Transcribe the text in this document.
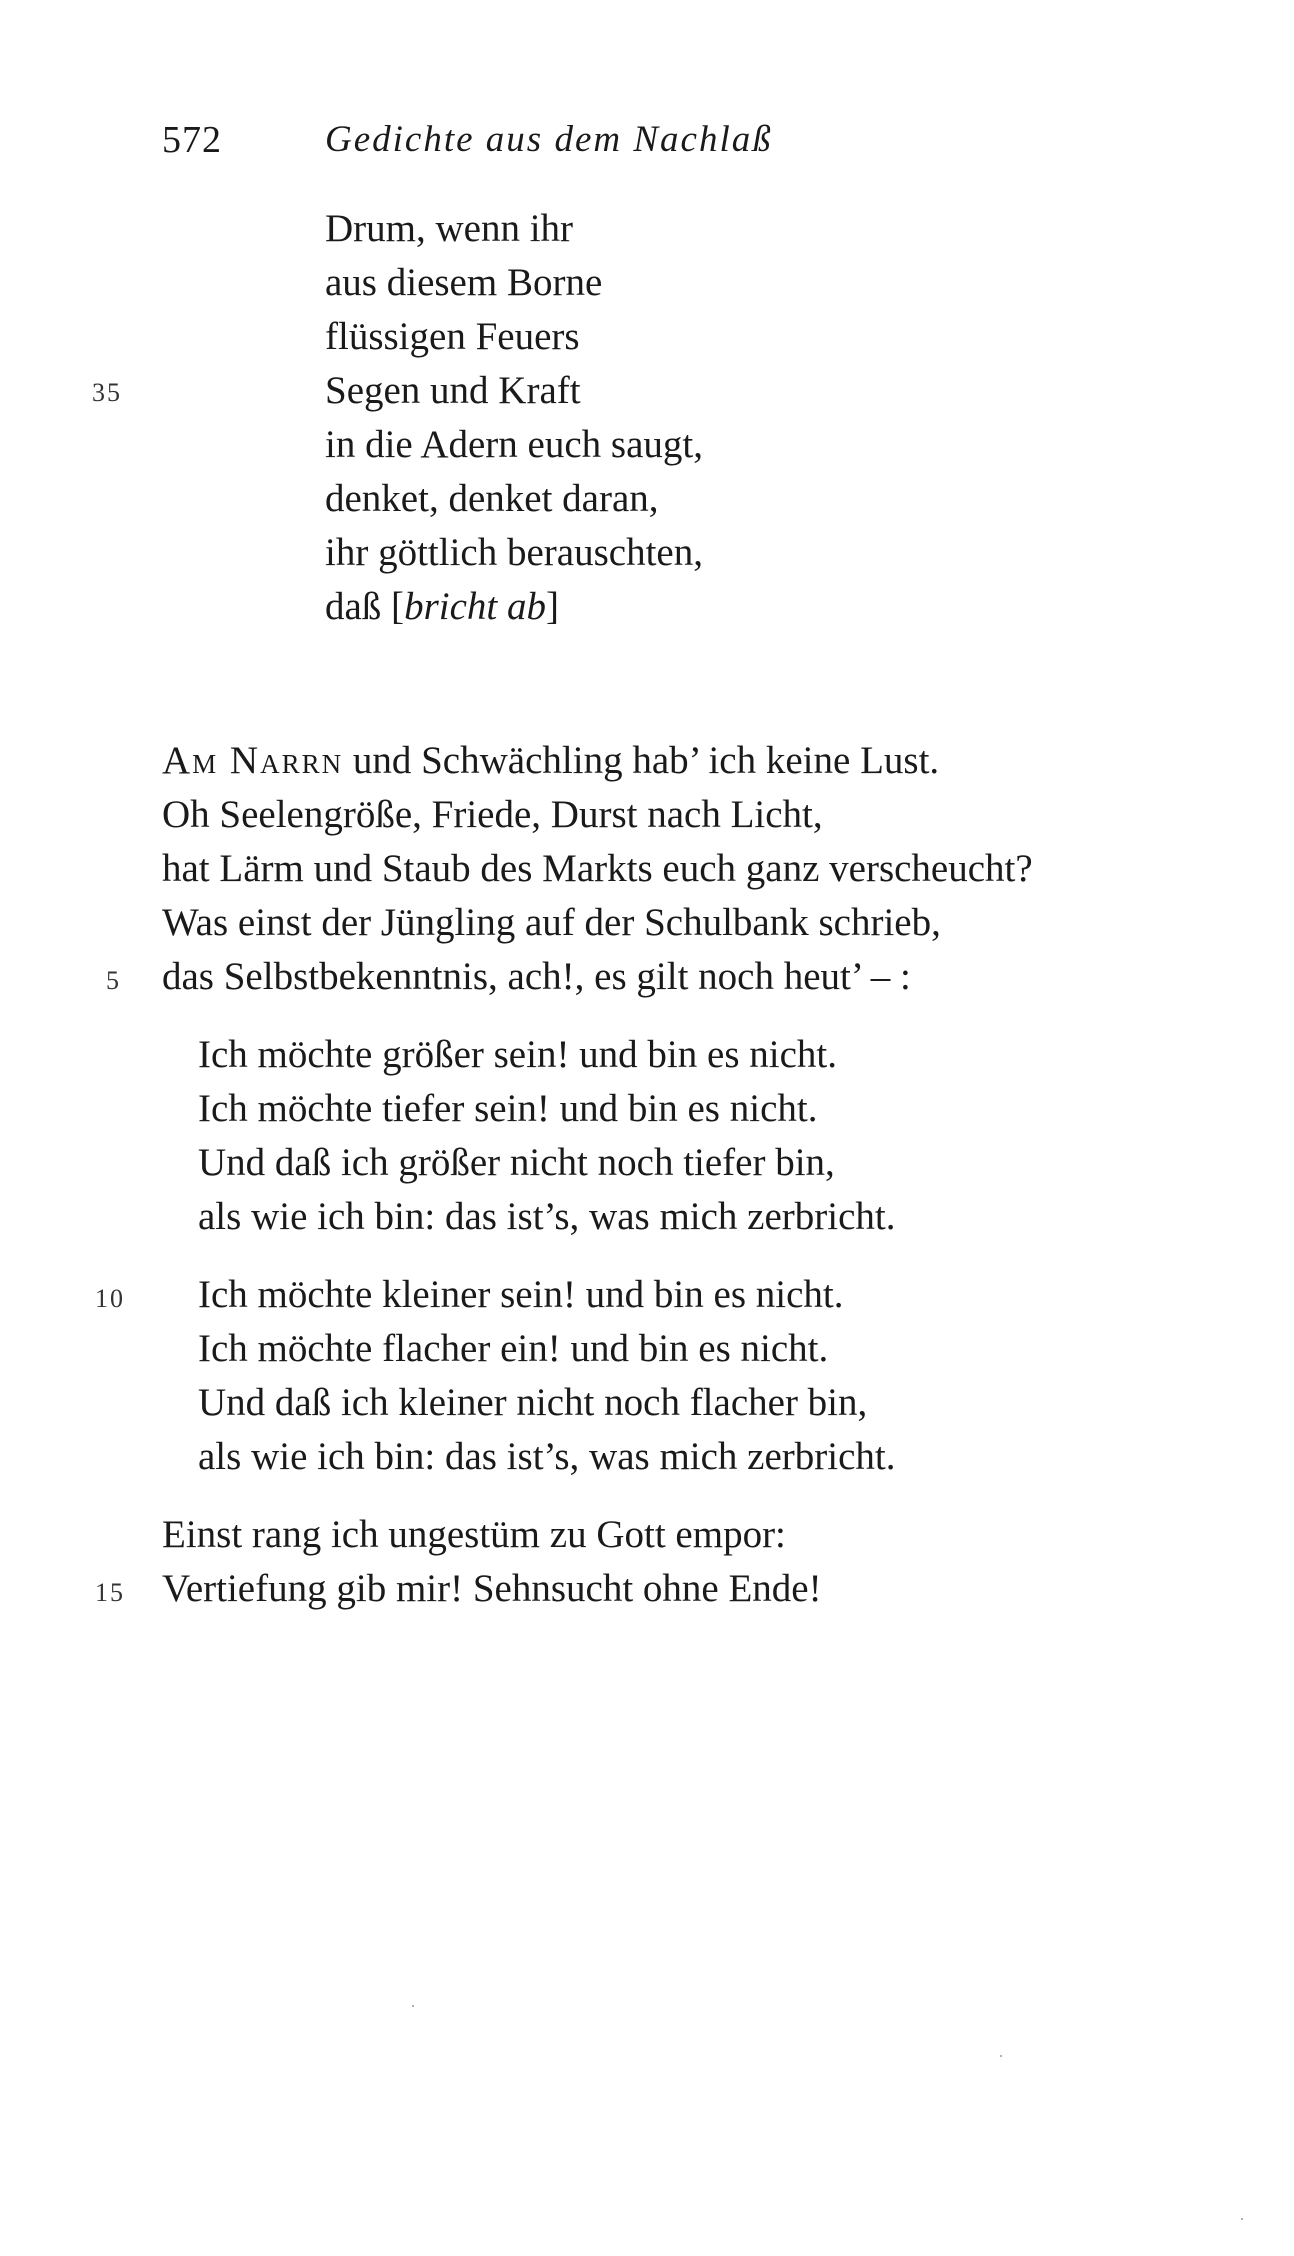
572	Gedichte aus dem Nachlaß
Drum, wenn ihr
aus diesem Borne
flüssigen Feuers
35	Segen und Kraft
in die Adern euch saugt,
denket, denket daran,
ihr göttlich berauschten,
daß [bricht ab]
Am Narrn und Schwächling hab’ ich keine Lust.
Oh Seelengröße, Friede, Durst nach Licht,
hat Lärm und Staub des Markts euch ganz verscheucht?
Was einst der Jüngling auf der Schulbank schrieb,
5 das Selbstbekenntnis, ach!, es gilt noch heut’ – :
Ich möchte größer sein! und bin es nicht.
Ich möchte tiefer sein! und bin es nicht.
Und daß ich größer nicht noch tiefer bin,
als wie ich bin: das ist’s, was mich zerbricht.
10 Ich möchte kleiner sein! und bin es nicht.
Ich möchte flacher ein! und bin es nicht.
Und daß ich kleiner nicht noch flacher bin,
als wie ich bin: das ist’s, was mich zerbricht.
Einst rang ich ungestüm zu Gott empor:
15 Vertiefung gib mir! Sehnsucht ohne Ende!
